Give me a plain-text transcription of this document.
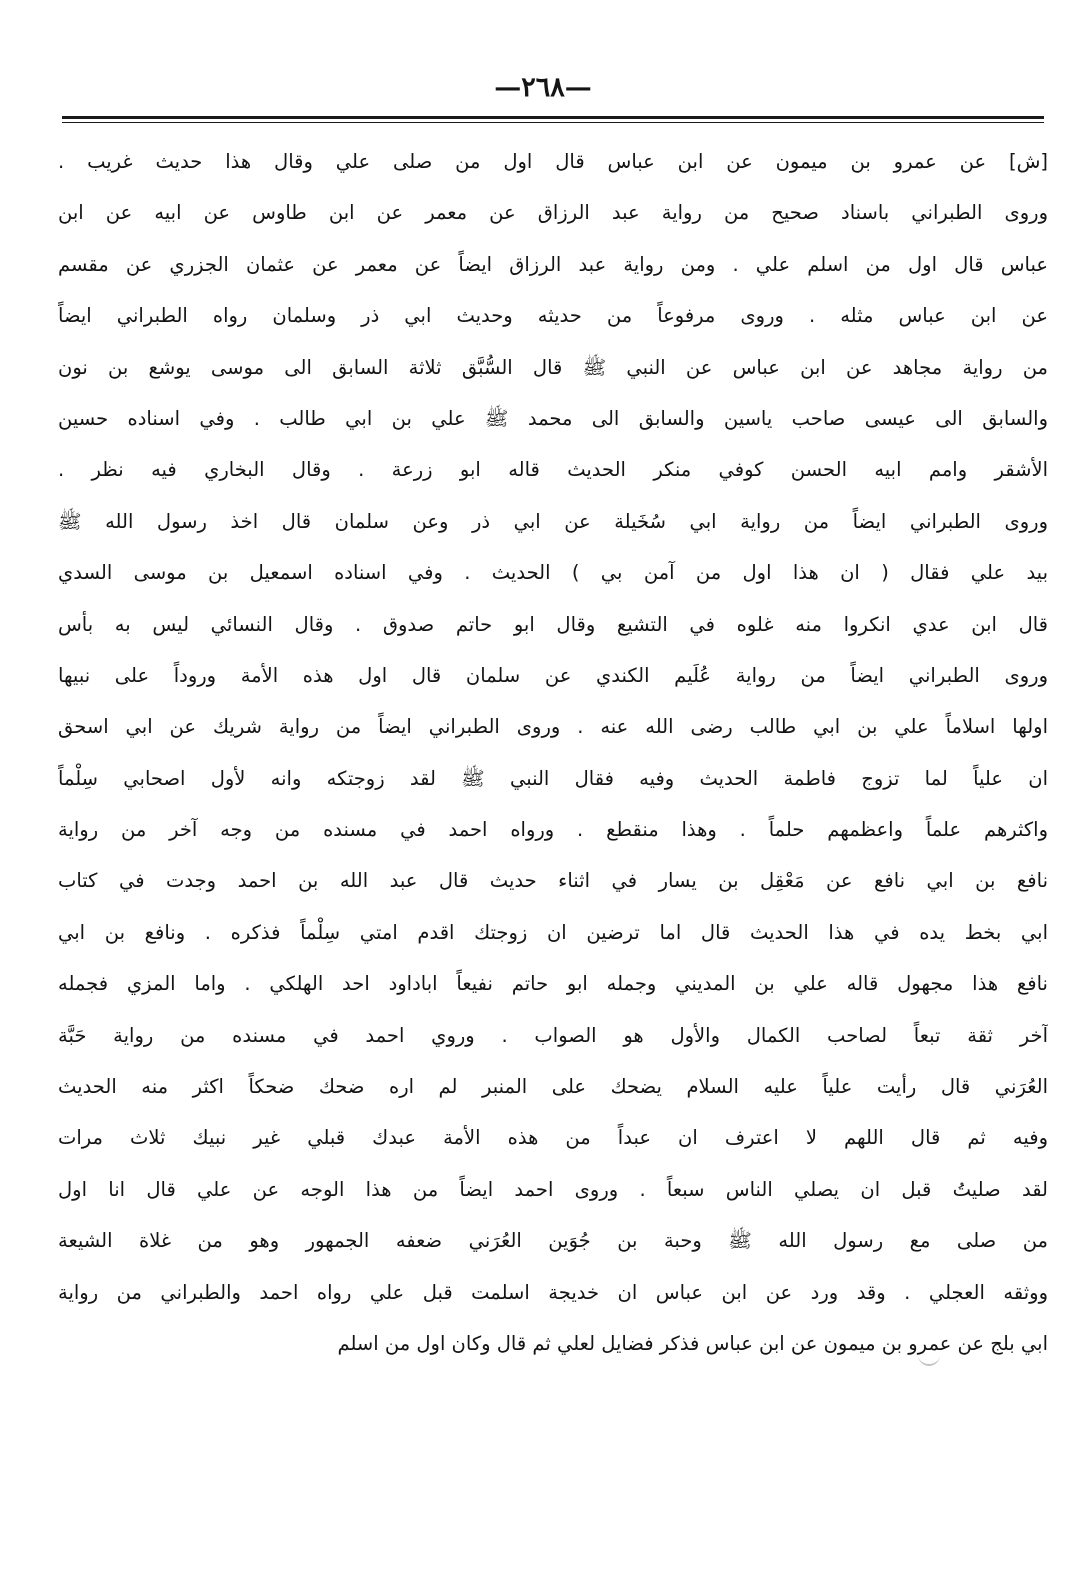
—٢٦٨—
[ش] عن عمرو بن ميمون عن ابن عباس قال اول من صلى علي وقال هذا حديث غريب .
وروى الطبراني باسناد صحيح من رواية عبد الرزاق عن معمر عن ابن طاوس عن ابيه عن ابن
عباس قال اول من اسلم علي . ومن رواية عبد الرزاق ايضاً عن معمر عن عثمان الجزري عن مقسم
عن ابن عباس مثله . وروى مرفوعاً من حديثه وحديث ابي ذر وسلمان رواه الطبراني ايضاً
من رواية مجاهد عن ابن عباس عن النبي ﷺ قال السُّبَّق ثلاثة السابق الى موسى يوشع بن نون
والسابق الى عيسى صاحب ياسين والسابق الى محمد ﷺ علي بن ابي طالب . وفي اسناده حسين
الأشقر وامم ابيه الحسن كوفي منكر الحديث قاله ابو زرعة . وقال البخاري فيه نظر .
وروى الطبراني ايضاً من رواية ابي سُخَيلة عن ابي ذر وعن سلمان قال اخذ رسول الله ﷺ
بيد علي فقال ( ان هذا اول من آمن بي ) الحديث . وفي اسناده اسمعيل بن موسى السدي
قال ابن عدي انكروا منه غلوه في التشيع وقال ابو حاتم صدوق . وقال النسائي ليس به بأس
وروى الطبراني ايضاً من رواية عُلَيم الكندي عن سلمان قال اول هذه الأمة وروداً على نبيها
اولها اسلاماً علي بن ابي طالب رضى الله عنه . وروى الطبراني ايضاً من رواية شريك عن ابي اسحق
ان علياً لما تزوج فاطمة الحديث وفيه فقال النبي ﷺ لقد زوجتكه وانه لأول اصحابي سِلْماً
واكثرهم علماً واعظمهم حلماً . وهذا منقطع . ورواه احمد في مسنده من وجه آخر من رواية
نافع بن ابي نافع عن مَعْقِل بن يسار في اثناء حديث قال عبد الله بن احمد وجدت في كتاب
ابي بخط يده في هذا الحديث قال اما ترضين ان زوجتك اقدم امتي سِلْماً فذكره . ونافع بن ابي
نافع هذا مجهول قاله علي بن المديني وجمله ابو حاتم نفيعاً اباداود احد الهلكي . واما المزي فجمله
آخر ثقة تبعاً لصاحب الكمال والأول هو الصواب . وروي احمد في مسنده من رواية حَبَّة
العُرَني قال رأيت علياً عليه السلام يضحك على المنبر لم اره ضحك ضحكاً اكثر منه الحديث
وفيه ثم قال اللهم لا اعترف ان عبداً من هذه الأمة عبدك قبلي غير نبيك ثلاث مرات
لقد صليتُ قبل ان يصلي الناس سبعاً . وروى احمد ايضاً من هذا الوجه عن علي قال انا اول
من صلى مع رسول الله ﷺ وحبة بن جُوَين العُرَني ضعفه الجمهور وهو من غلاة الشيعة
ووثقه العجلي . وقد ورد عن ابن عباس ان خديجة اسلمت قبل علي رواه احمد والطبراني من رواية
ابي بلج عن عمرو بن ميمون عن ابن عباس فذكر فضايل لعلي ثم قال وكان اول من اسلم
